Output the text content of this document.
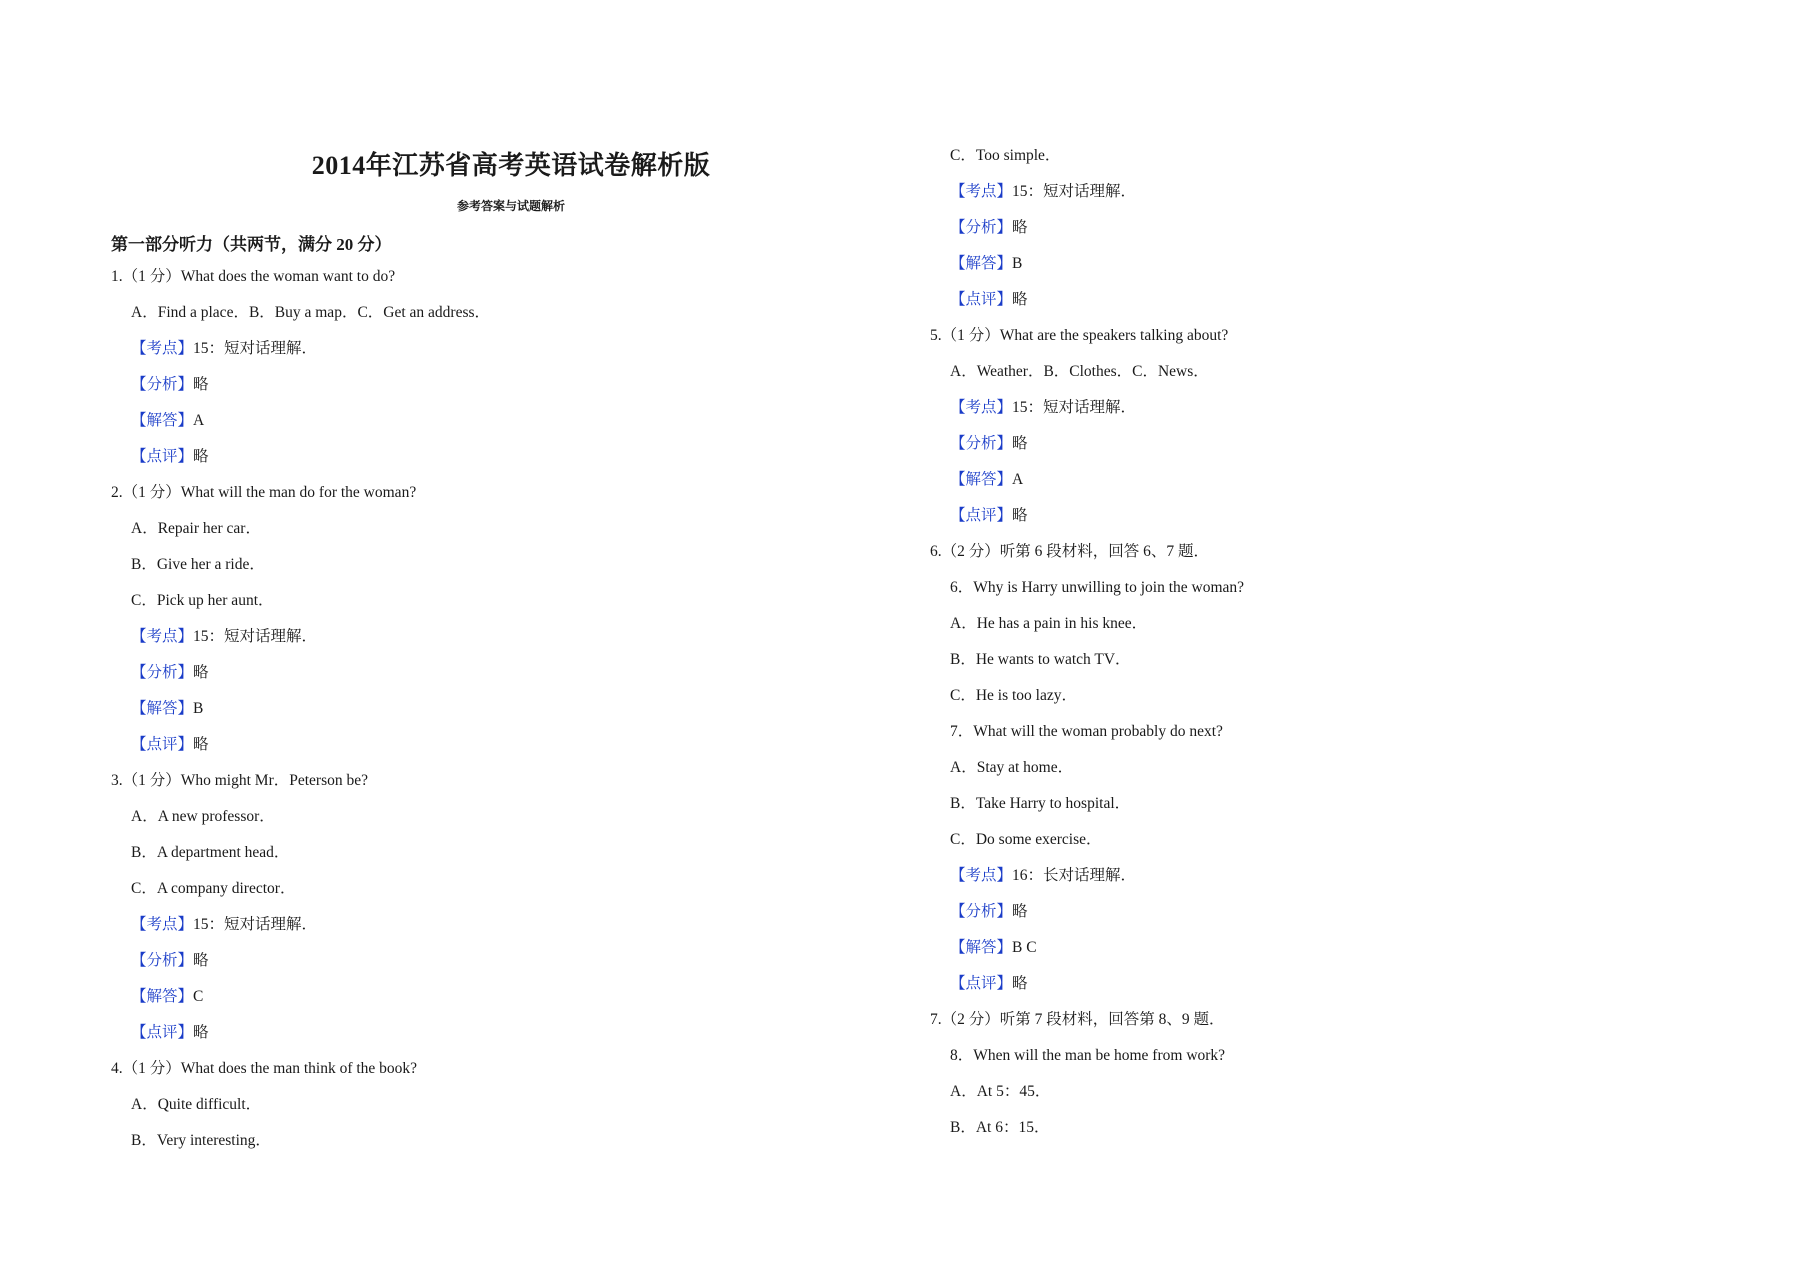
2014年江苏省高考英语试卷解析版
参考答案与试题解析
第一部分听力（共两节，满分 20 分）
1.（1 分）What does the woman want to do?
A．Find a place．B．Buy a map．C．Get an address．
【考点】15：短对话理解．
【分析】略
【解答】A
【点评】略
2.（1 分）What will the man do for the woman?
A．Repair her car．
B．Give her a ride．
C．Pick up her aunt．
【考点】15：短对话理解．
【分析】略
【解答】B
【点评】略
3.（1 分）Who might Mr．Peterson be?
A．A new professor．
B．A department head．
C．A company director．
【考点】15：短对话理解．
【分析】略
【解答】C
【点评】略
4.（1 分）What does the man think of the book?
A．Quite difficult．
B．Very interesting．
C．Too simple．
【考点】15：短对话理解．
【分析】略
【解答】B
【点评】略
5.（1 分）What are the speakers talking about?
A．Weather．B．Clothes．C．News．
【考点】15：短对话理解．
【分析】略
【解答】A
【点评】略
6.（2 分）听第 6 段材料，回答 6、7 题．
6．Why is Harry unwilling to join the woman?
A．He has a pain in his knee．
B．He wants to watch TV．
C．He is too lazy．
7．What will the woman probably do next?
A．Stay at home．
B．Take Harry to hospital．
C．Do some exercise．
【考点】16：长对话理解．
【分析】略
【解答】B C
【点评】略
7.（2 分）听第 7 段材料，回答第 8、9 题．
8．When will the man be home from work?
A．At 5：45．
B．At 6：15．
